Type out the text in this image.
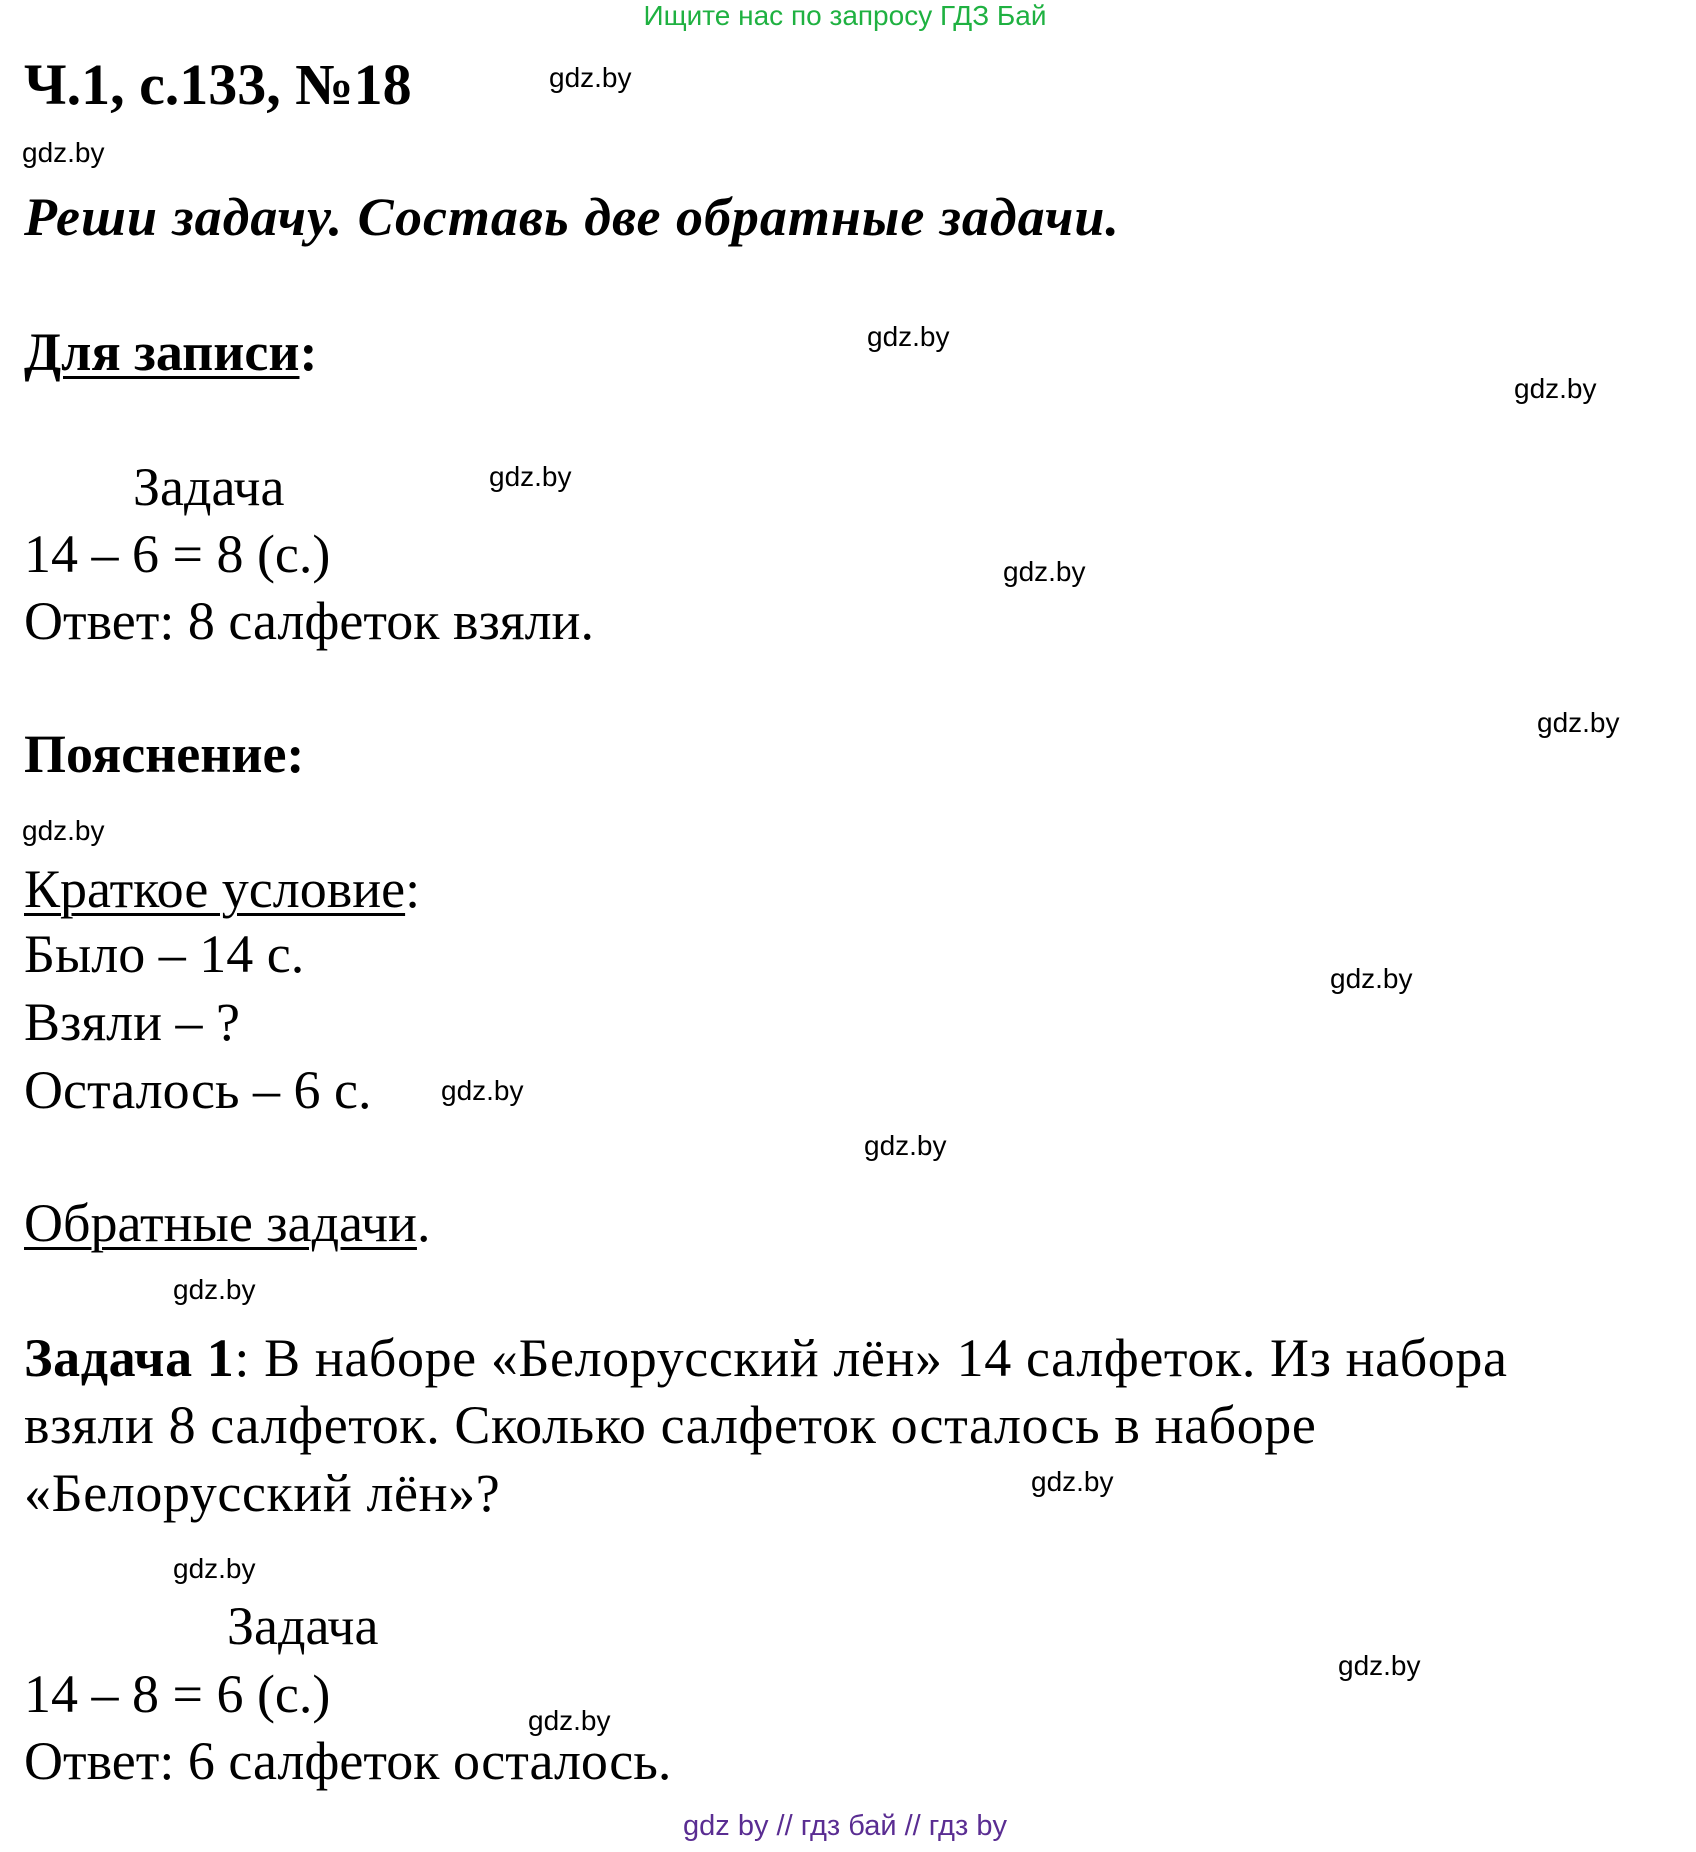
Ищите нас по запросу ГДЗ Бай
Ч.1, с.133, №18
Реши задачу. Составь две обратные задачи.
Для записи:
Задача
14 – 6 = 8 (с.)
Ответ: 8 салфеток взяли.
Пояснение:
Краткое условие:
Было – 14 с.
Взяли – ?
Осталось – 6 с.
Обратные задачи.
Задача 1: В наборе «Белорусский лён» 14 салфеток. Из набора
взяли 8 салфеток. Сколько салфеток осталось в наборе
«Белорусский лён»?
Задача
14 – 8 = 6 (с.)
Ответ: 6 салфеток осталось.
gdz.by
gdz.by
gdz.by
gdz.by
gdz.by
gdz.by
gdz.by
gdz.by
gdz.by
gdz.by
gdz.by
gdz.by
gdz.by
gdz.by
gdz.by
gdz.by
gdz by // гдз бай // гдз by
